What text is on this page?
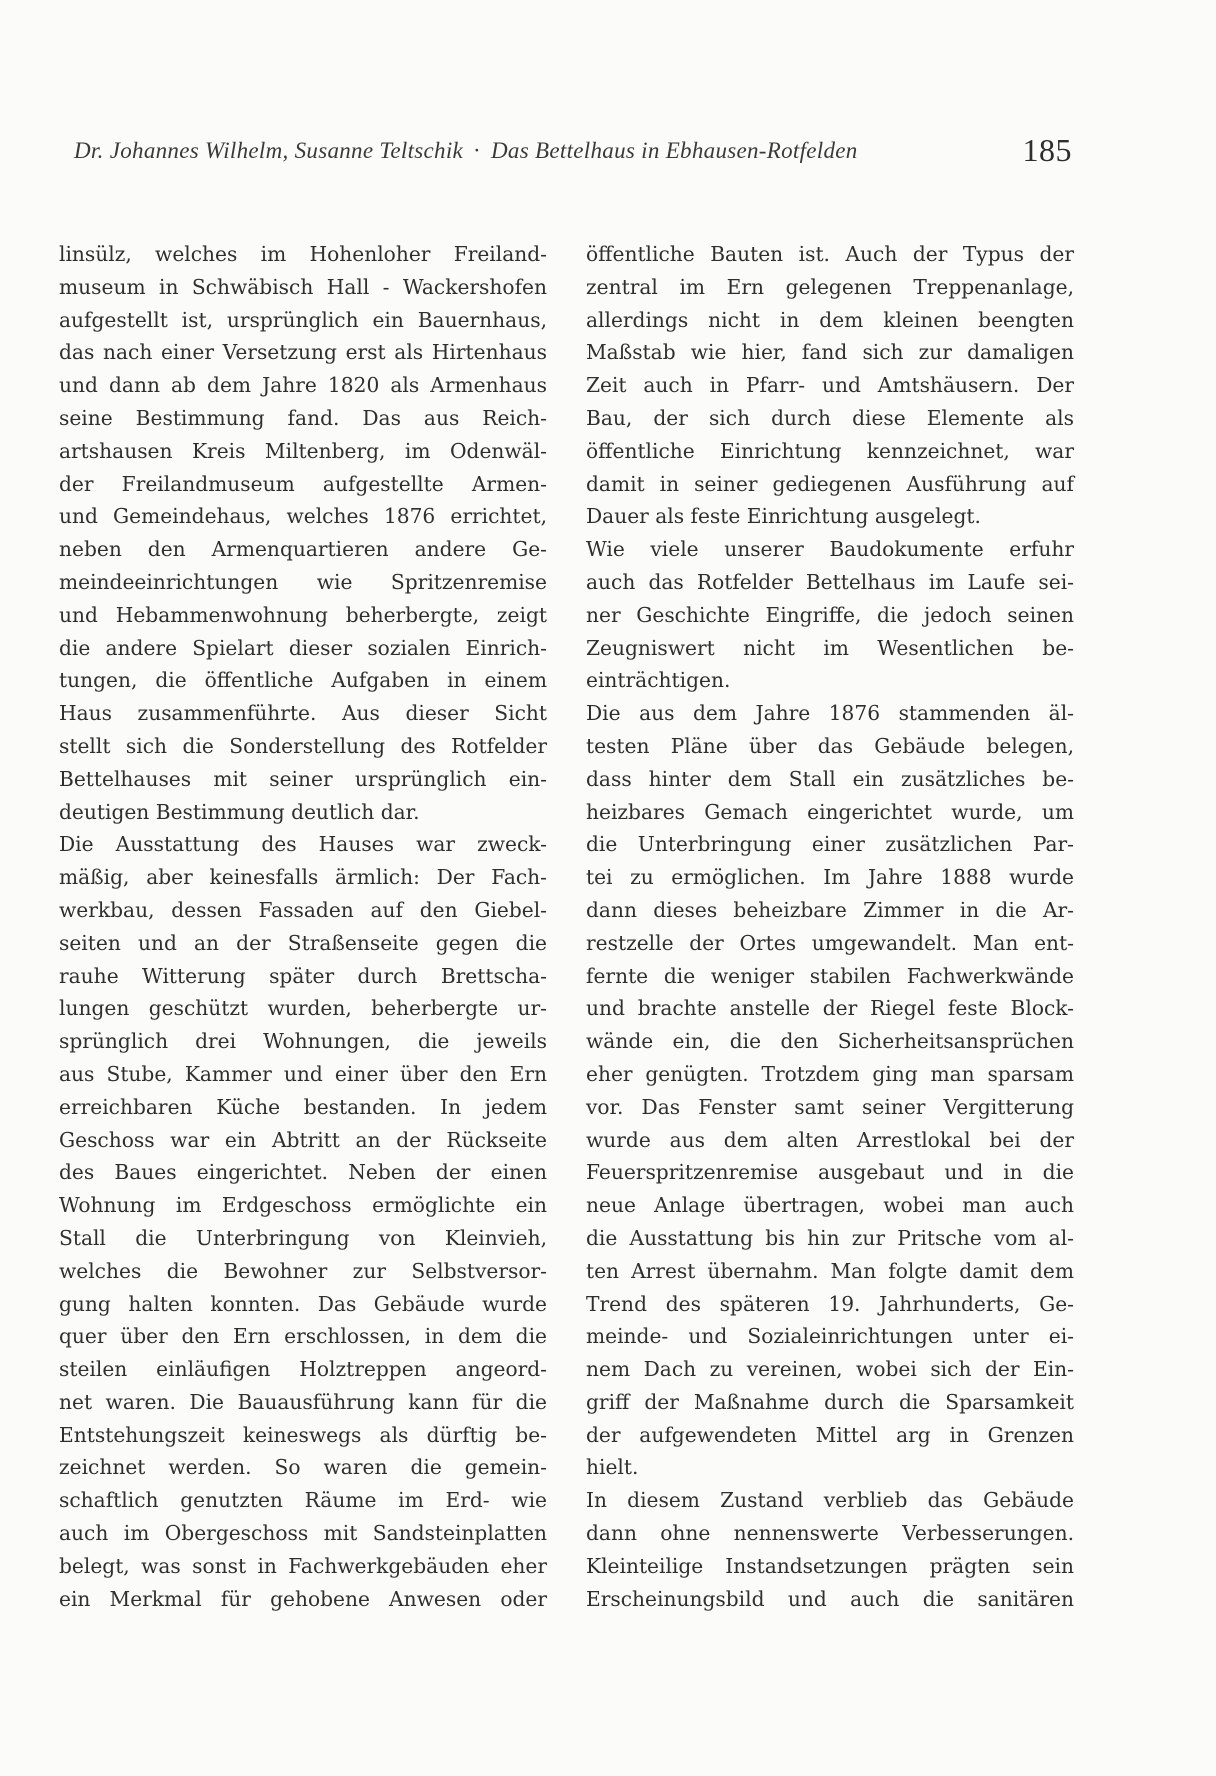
Dr. Johannes Wilhelm, Susanne Teltschik · Das Bettelhaus in Ebhausen-Rotfelden	185
linsülz, welches im Hohenloher Freiland-
museum in Schwäbisch Hall - Wackershofen
aufgestellt ist, ursprünglich ein Bauernhaus,
das nach einer Versetzung erst als Hirtenhaus
und dann ab dem Jahre 1820 als Armenhaus
seine Bestimmung fand. Das aus Reich-
artshausen Kreis Miltenberg, im Odenwäl-
der Freilandmuseum aufgestellte Armen-
und Gemeindehaus, welches 1876 errichtet,
neben den Armenquartieren andere Ge-
meindeeinrichtungen wie Spritzenremise
und Hebammenwohnung beherbergte, zeigt
die andere Spielart dieser sozialen Einrich-
tungen, die öffentliche Aufgaben in einem
Haus zusammenführte. Aus dieser Sicht
stellt sich die Sonderstellung des Rotfelder
Bettelhauses mit seiner ursprünglich ein-
deutigen Bestimmung deutlich dar.
Die Ausstattung des Hauses war zweck-
mäßig, aber keinesfalls ärmlich: Der Fach-
werkbau, dessen Fassaden auf den Giebel-
seiten und an der Straßenseite gegen die
rauhe Witterung später durch Brettscha-
lungen geschützt wurden, beherbergte ur-
sprünglich drei Wohnungen, die jeweils
aus Stube, Kammer und einer über den Ern
erreichbaren Küche bestanden. In jedem
Geschoss war ein Abtritt an der Rückseite
des Baues eingerichtet. Neben der einen
Wohnung im Erdgeschoss ermöglichte ein
Stall die Unterbringung von Kleinvieh,
welches die Bewohner zur Selbstversor-
gung halten konnten. Das Gebäude wurde
quer über den Ern erschlossen, in dem die
steilen einläufigen Holztreppen angeord-
net waren. Die Bauausführung kann für die
Entstehungszeit keineswegs als dürftig be-
zeichnet werden. So waren die gemein-
schaftlich genutzten Räume im Erd- wie
auch im Obergeschoss mit Sandsteinplatten
belegt, was sonst in Fachwerkgebäuden eher
ein Merkmal für gehobene Anwesen oder
öffentliche Bauten ist. Auch der Typus der
zentral im Ern gelegenen Treppenanlage,
allerdings nicht in dem kleinen beengten
Maßstab wie hier, fand sich zur damaligen
Zeit auch in Pfarr- und Amtshäusern. Der
Bau, der sich durch diese Elemente als
öffentliche Einrichtung kennzeichnet, war
damit in seiner gediegenen Ausführung auf
Dauer als feste Einrichtung ausgelegt.
Wie viele unserer Baudokumente erfuhr
auch das Rotfelder Bettelhaus im Laufe sei-
ner Geschichte Eingriffe, die jedoch seinen
Zeugniswert nicht im Wesentlichen be-
einträchtigen.
Die aus dem Jahre 1876 stammenden äl-
testen Pläne über das Gebäude belegen,
dass hinter dem Stall ein zusätzliches be-
heizbares Gemach eingerichtet wurde, um
die Unterbringung einer zusätzlichen Par-
tei zu ermöglichen. Im Jahre 1888 wurde
dann dieses beheizbare Zimmer in die Ar-
restzelle der Ortes umgewandelt. Man ent-
fernte die weniger stabilen Fachwerkwände
und brachte anstelle der Riegel feste Block-
wände ein, die den Sicherheitsansprüchen
eher genügten. Trotzdem ging man sparsam
vor. Das Fenster samt seiner Vergitterung
wurde aus dem alten Arrestlokal bei der
Feuerspritzenremise ausgebaut und in die
neue Anlage übertragen, wobei man auch
die Ausstattung bis hin zur Pritsche vom al-
ten Arrest übernahm. Man folgte damit dem
Trend des späteren 19. Jahrhunderts, Ge-
meinde- und Sozialeinrichtungen unter ei-
nem Dach zu vereinen, wobei sich der Ein-
griff der Maßnahme durch die Sparsamkeit
der aufgewendeten Mittel arg in Grenzen
hielt.
In diesem Zustand verblieb das Gebäude
dann ohne nennenswerte Verbesserungen.
Kleinteilige Instandsetzungen prägten sein
Erscheinungsbild und auch die sanitären
